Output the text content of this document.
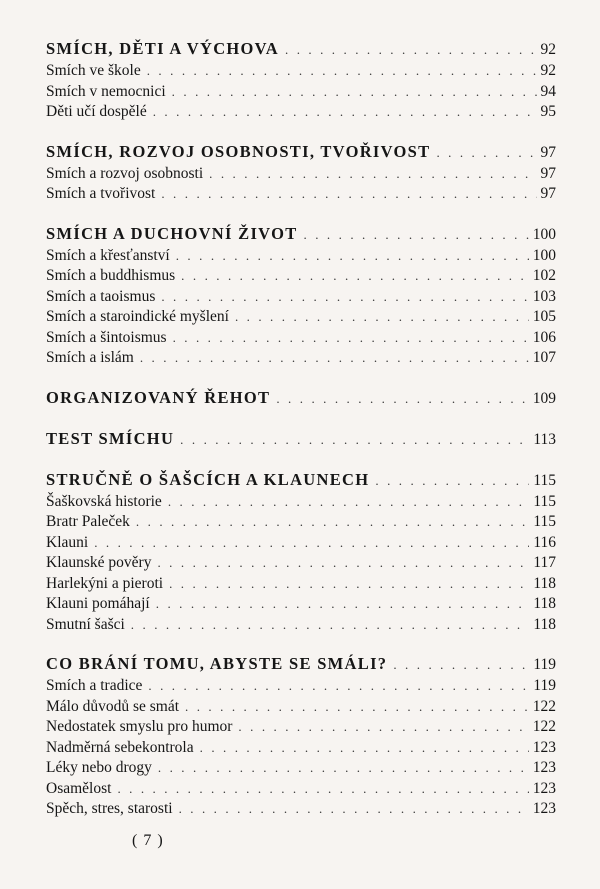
SMÍCH, DĚTI A VÝCHOVA . . .	92
Smích ve škole . . .	92
Smích v nemocnici . . .	94
Děti učí dospělé . . .	95
SMÍCH, ROZVOJ OSOBNOSTI, TVOŘIVOST . . .	97
Smích a rozvoj osobnosti . . .	97
Smích a tvořivost . . .	97
SMÍCH A DUCHOVNÍ ŽIVOT . . .	100
Smích a křesťanství . . .	100
Smích a buddhismus . . .	102
Smích a taoismus . . .	103
Smích a staroindické myšlení . . .	105
Smích a šintoismus . . .	106
Smích a islám . . .	107
ORGANIZOVANÝ ŘEHOT . . .	109
TEST SMÍCHU . . .	113
STRUČNĚ O ŠAŠCÍCH A KLAUNECH . . .	115
Šaškovská historie . . .	115
Bratr Paleček . . .	115
Klauni . . .	116
Klaunské pověry . . .	117
Harlekýni a pieroti . . .	118
Klauni pomáhají . . .	118
Smutní šašci . . .	118
CO BRÁNÍ TOMU, ABYSTE SE SMÁLI? . . .	119
Smích a tradice . . .	119
Málo důvodů se smát . . .	122
Nedostatek smyslu pro humor . . .	122
Nadměrná sebekontrola . . .	123
Léky nebo drogy . . .	123
Osamělost . . .	123
Spěch, stres, starosti . . .	123
( 7 )
